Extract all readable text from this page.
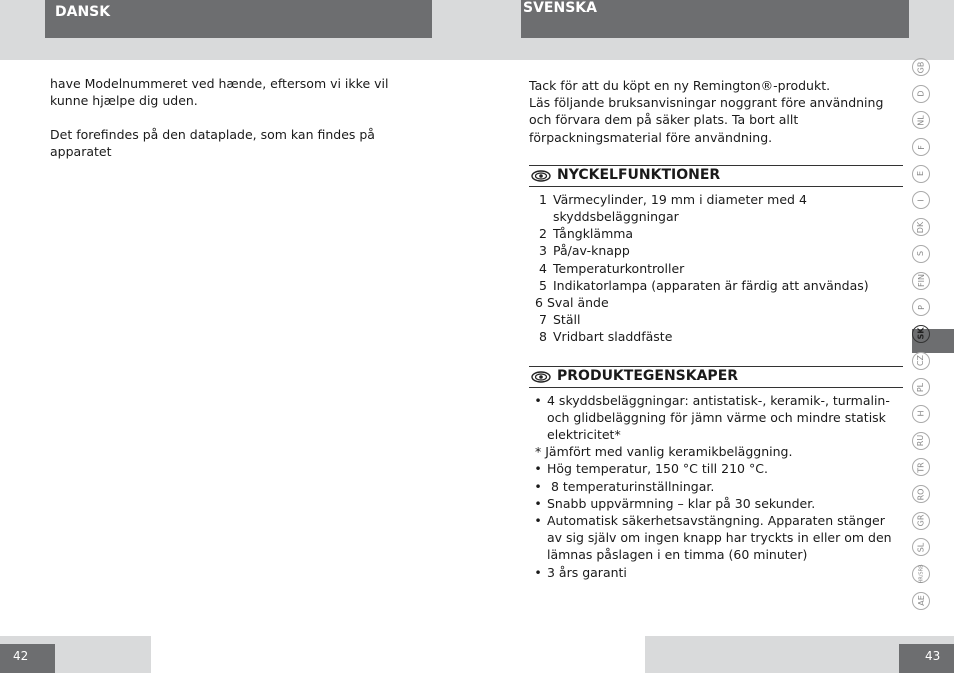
DANSK	SVENSKA

have Modelnummeret ved hænde, eftersom vi ikke vil kunne hjælpe dig uden.

Det forefindes på den dataplade, som kan findes på apparatet

Tack för att du köpt en ny Remington®-produkt.

Läs följande bruksanvisningar noggrant före användning och förvara dem på säker plats. Ta bort allt förpackningsmaterial före användning.

NYCKELFUNKTIONER
1 Värmecylinder, 19 mm i diameter med 4 skyddsbeläggningar
2 Tångklämma
3 På/av-knapp
4 Temperaturkontroller
5 Indikatorlampa (apparaten är färdig att användas)
6 Sval ände
7 Ställ
8 Vridbart sladdfäste
PRODUKTEGENSKAPER
• 4 skyddsbeläggningar: antistatisk-, keramik-, turmalin-och glidbeläggning för jämn värme och mindre statisk elektricitet*
* Jämfört med vanlig keramikbeläggning.
• Hög temperatur, 150 °C till 210 °C.
• 8 temperaturinställningar.
• Snabb uppvärmning – klar på 30 sekunder.
• Automatisk säkerhetsavstängning. Apparaten stänger av sig själv om ingen knapp har tryckts in eller om den lämnas påslagen i en timma (60 minuter)
• 3 års garanti
GB
D
NL
F
E
I
DK
S
FIN
P
SK
CZ
PL
H
RU
TR
RO
GR
SL
HR/SRB
AE
42	43
